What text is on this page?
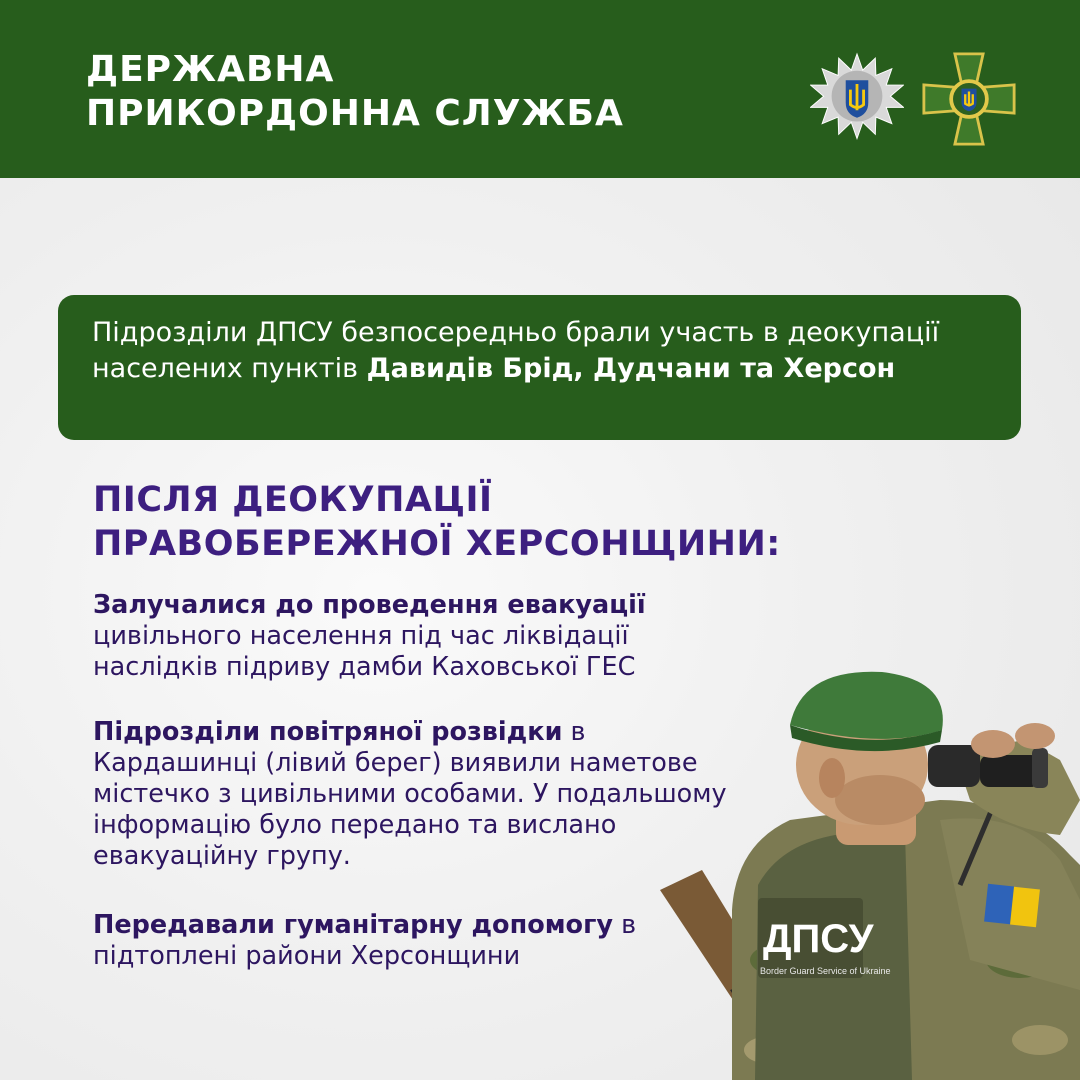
ДЕРЖАВНА
ПРИКОРДОННА СЛУЖБА

Підрозділи ДПСУ безпосередньо брали участь в деокупації населених пунктів Давидів Брід, Дудчани та Херсон

ПІСЛЯ ДЕОКУПАЦІЇ
ПРАВОБЕРЕЖНОЇ ХЕРСОНЩИНИ:

Залучалися до проведення евакуації цивільного населення під час ліквідації наслідків підриву дамби Каховської ГЕС

Підрозділи повітряної розвідки в Кардашинці (лівий берег) виявили наметове містечко з цивільними особами. У подальшому інформацію було передано та вислано евакуаційну групу.

Передавали гуманітарну допомогу в підтоплені райони Херсонщини	ДПСУ
Border Guard Service of Ukraine
